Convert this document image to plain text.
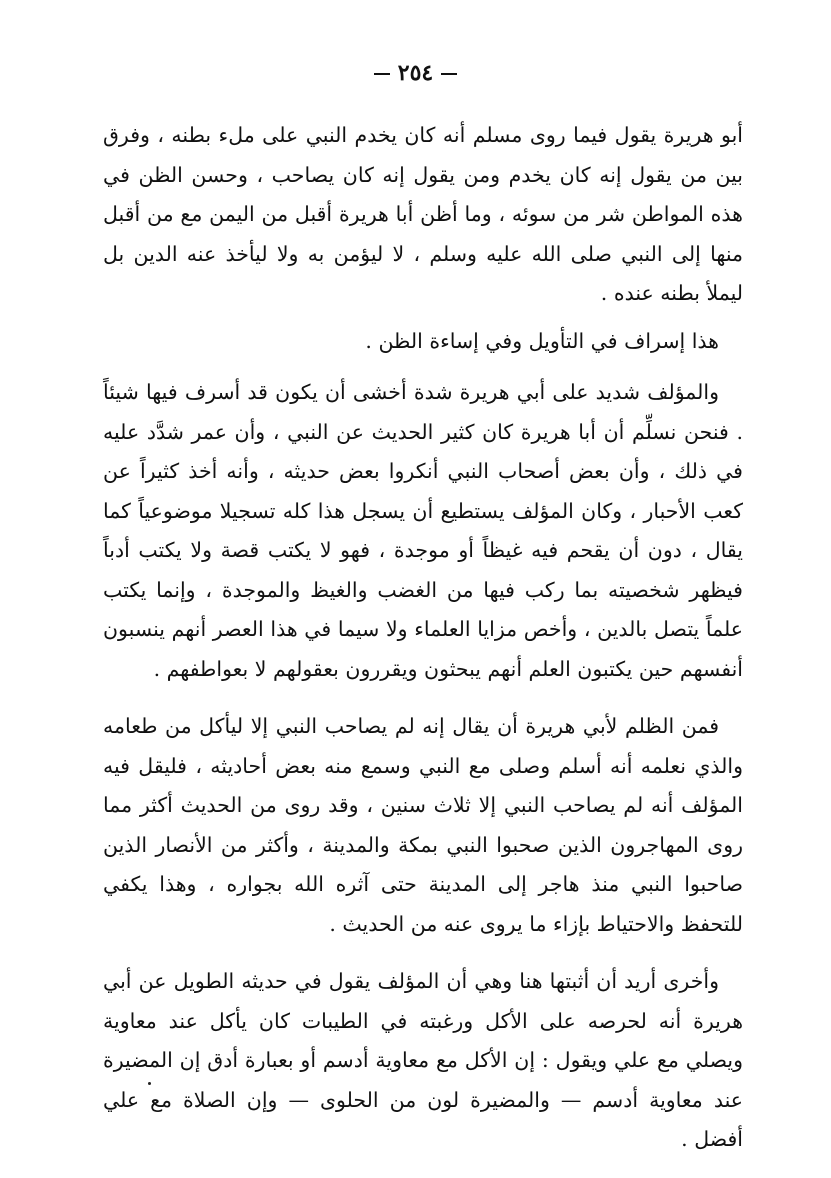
٢٥٤

أبو هريرة يقول فيما روى مسلم أنه كان يخدم النبي على ملء بطنه ، وفرق بين من يقول إنه كان يخدم ومن يقول إنه كان يصاحب ، وحسن الظن في هذه المواطن شر من سوئه ، وما أظن أبا هريرة أقبل من اليمن مع من أقبل منها إلى النبي صلى الله عليه وسلم ، لا ليؤمن به ولا ليأخذ عنه الدين بل ليملأ بطنه عنده .

هذا إسراف في التأويل وفي إساءة الظن .

والمؤلف شديد على أبي هريرة شدة أخشى أن يكون قد أسرف فيها شيئاً . فنحن نسلِّم أن أبا هريرة كان كثير الحديث عن النبي ، وأن عمر شدَّد عليه في ذلك ، وأن بعض أصحاب النبي أنكروا بعض حديثه ، وأنه أخذ كثيراً عن كعب الأحبار ، وكان المؤلف يستطيع أن يسجل هذا كله تسجيلا موضوعياً كما يقال ، دون أن يقحم فيه غيظاً أو موجدة ، فهو لا يكتب قصة ولا يكتب أدباً فيظهر شخصيته بما ركب فيها من الغضب والغيظ والموجدة ، وإنما يكتب علماً يتصل بالدين ، وأخص مزايا العلماء ولا سيما في هذا العصر أنهم ينسبون أنفسهم حين يكتبون العلم أنهم يبحثون ويقررون بعقولهم لا بعواطفهم .

فمن الظلم لأبي هريرة أن يقال إنه لم يصاحب النبي إلا ليأكل من طعامه والذي نعلمه أنه أسلم وصلى مع النبي وسمع منه بعض أحاديثه ، فليقل فيه المؤلف أنه لم يصاحب النبي إلا ثلاث سنين ، وقد روى من الحديث أكثر مما روى المهاجرون الذين صحبوا النبي بمكة والمدينة ، وأكثر من الأنصار الذين صاحبوا النبي منذ هاجر إلى المدينة حتى آثره الله بجواره ، وهذا يكفي للتحفظ والاحتياط بإزاء ما يروى عنه من الحديث .

وأخرى أريد أن أثبتها هنا وهي أن المؤلف يقول في حديثه الطويل عن أبي هريرة أنه لحرصه على الأكل ورغبته في الطيبات كان يأكل عند معاوية ويصلي مع علي ويقول : إن الأكل مع معاوية أدسم أو بعبارة أدق إن المضيرة عند معاوية أدسم — والمضيرة لون من الحلوى — وإن الصلاة مع علي أفضل .
